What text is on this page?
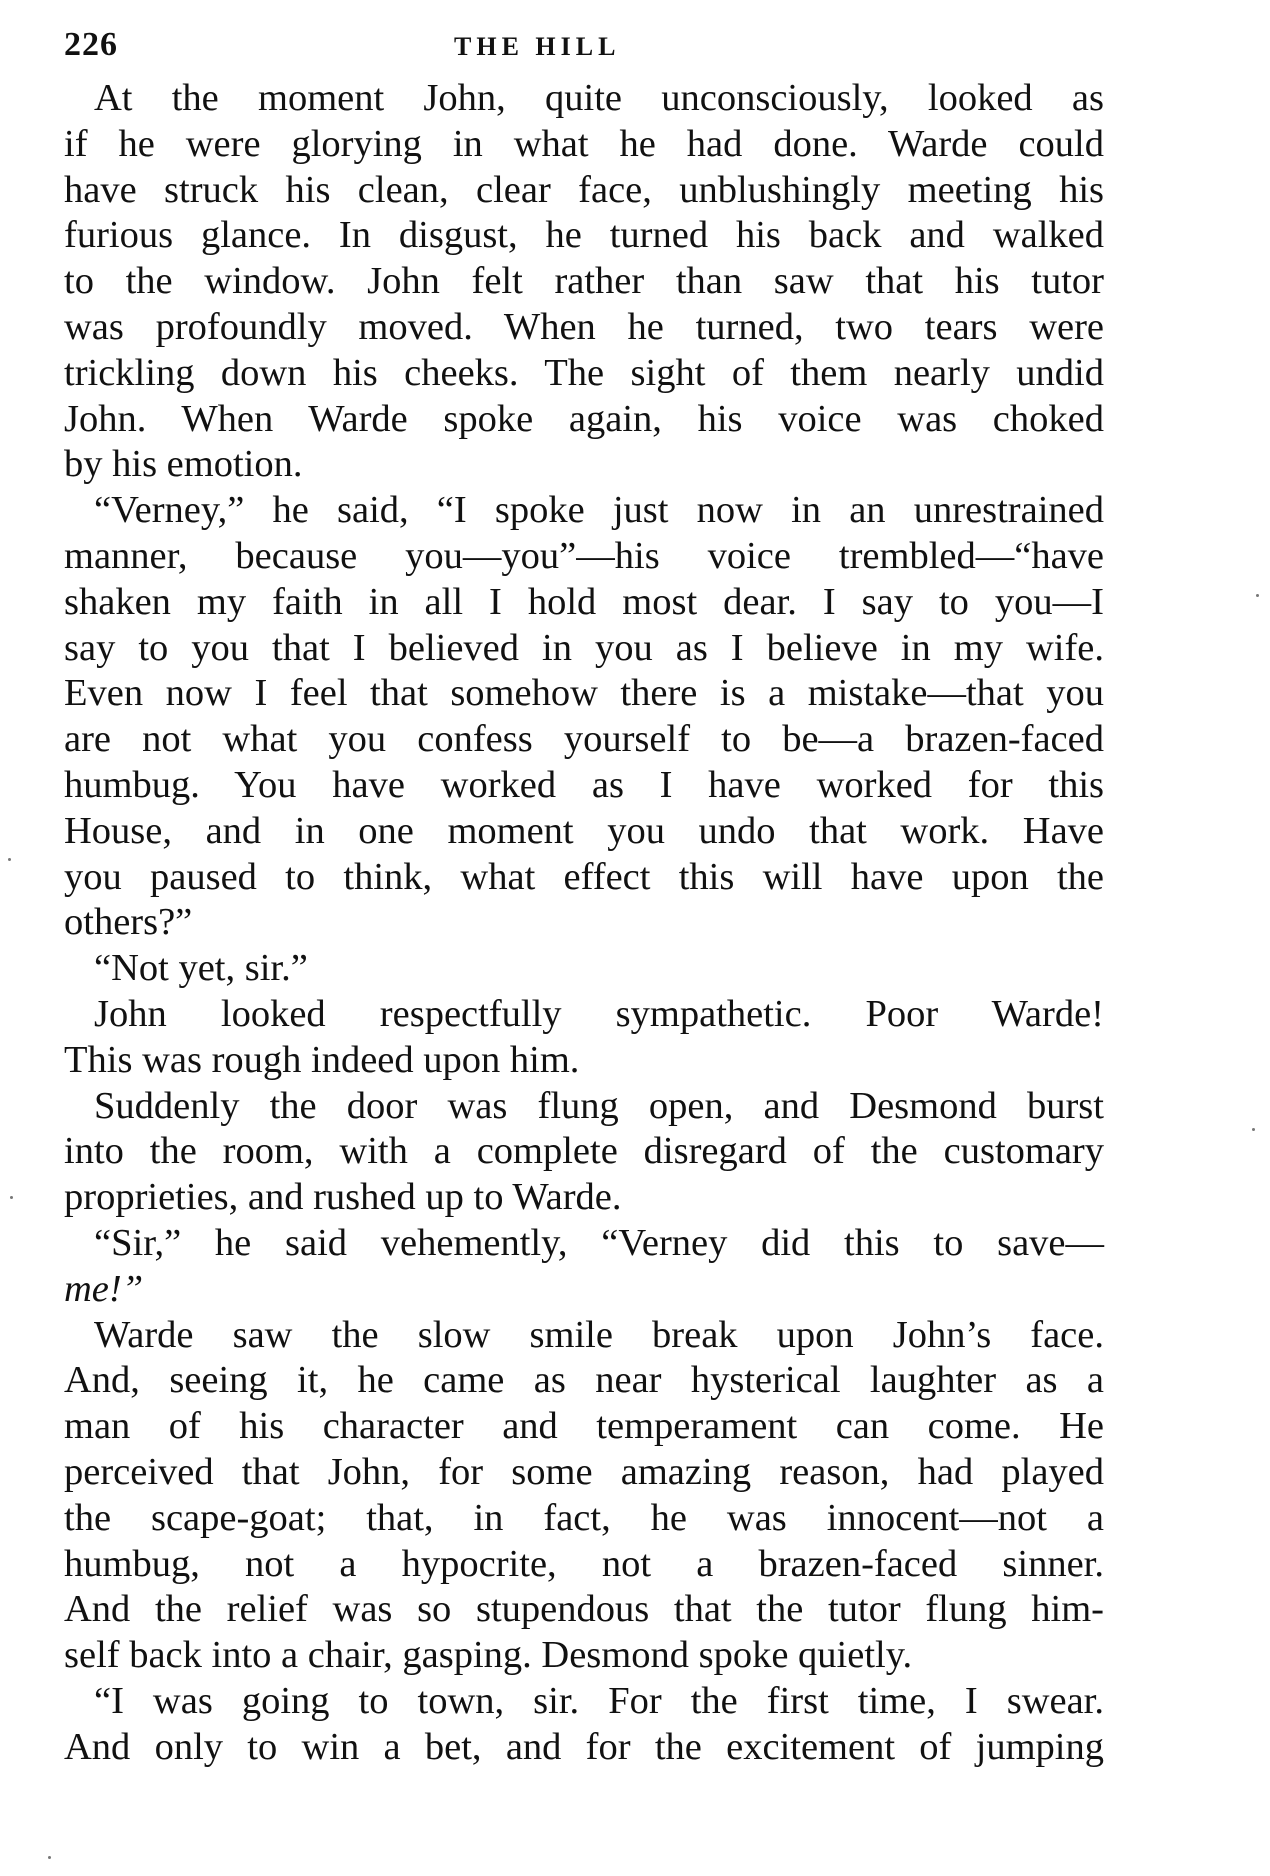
226	THE HILL
At the moment John, quite unconsciously, looked as
if he were glorying in what he had done. Warde could
have struck his clean, clear face, unblushingly meeting his
furious glance. In disgust, he turned his back and walked
to the window. John felt rather than saw that his tutor
was profoundly moved. When he turned, two tears were
trickling down his cheeks. The sight of them nearly undid
John. When Warde spoke again, his voice was choked
by his emotion.
“Verney,” he said, “I spoke just now in an unrestrained
manner, because you—you”—his voice trembled—“have
shaken my faith in all I hold most dear. I say to you—I
say to you that I believed in you as I believe in my wife.
Even now I feel that somehow there is a mistake—that you
are not what you confess yourself to be—a brazen-faced
humbug. You have worked as I have worked for this
House, and in one moment you undo that work. Have
you paused to think, what effect this will have upon the
others?”
“Not yet, sir.”
John looked respectfully sympathetic. Poor Warde!
This was rough indeed upon him.
Suddenly the door was flung open, and Desmond burst
into the room, with a complete disregard of the customary
proprieties, and rushed up to Warde.
“Sir,” he said vehemently, “Verney did this to save—
me!”
Warde saw the slow smile break upon John’s face.
And, seeing it, he came as near hysterical laughter as a
man of his character and temperament can come. He
perceived that John, for some amazing reason, had played
the scape-goat; that, in fact, he was innocent—not a
humbug, not a hypocrite, not a brazen-faced sinner.
And the relief was so stupendous that the tutor flung him-
self back into a chair, gasping. Desmond spoke quietly.
“I was going to town, sir. For the first time, I swear.
And only to win a bet, and for the excitement of jumping
